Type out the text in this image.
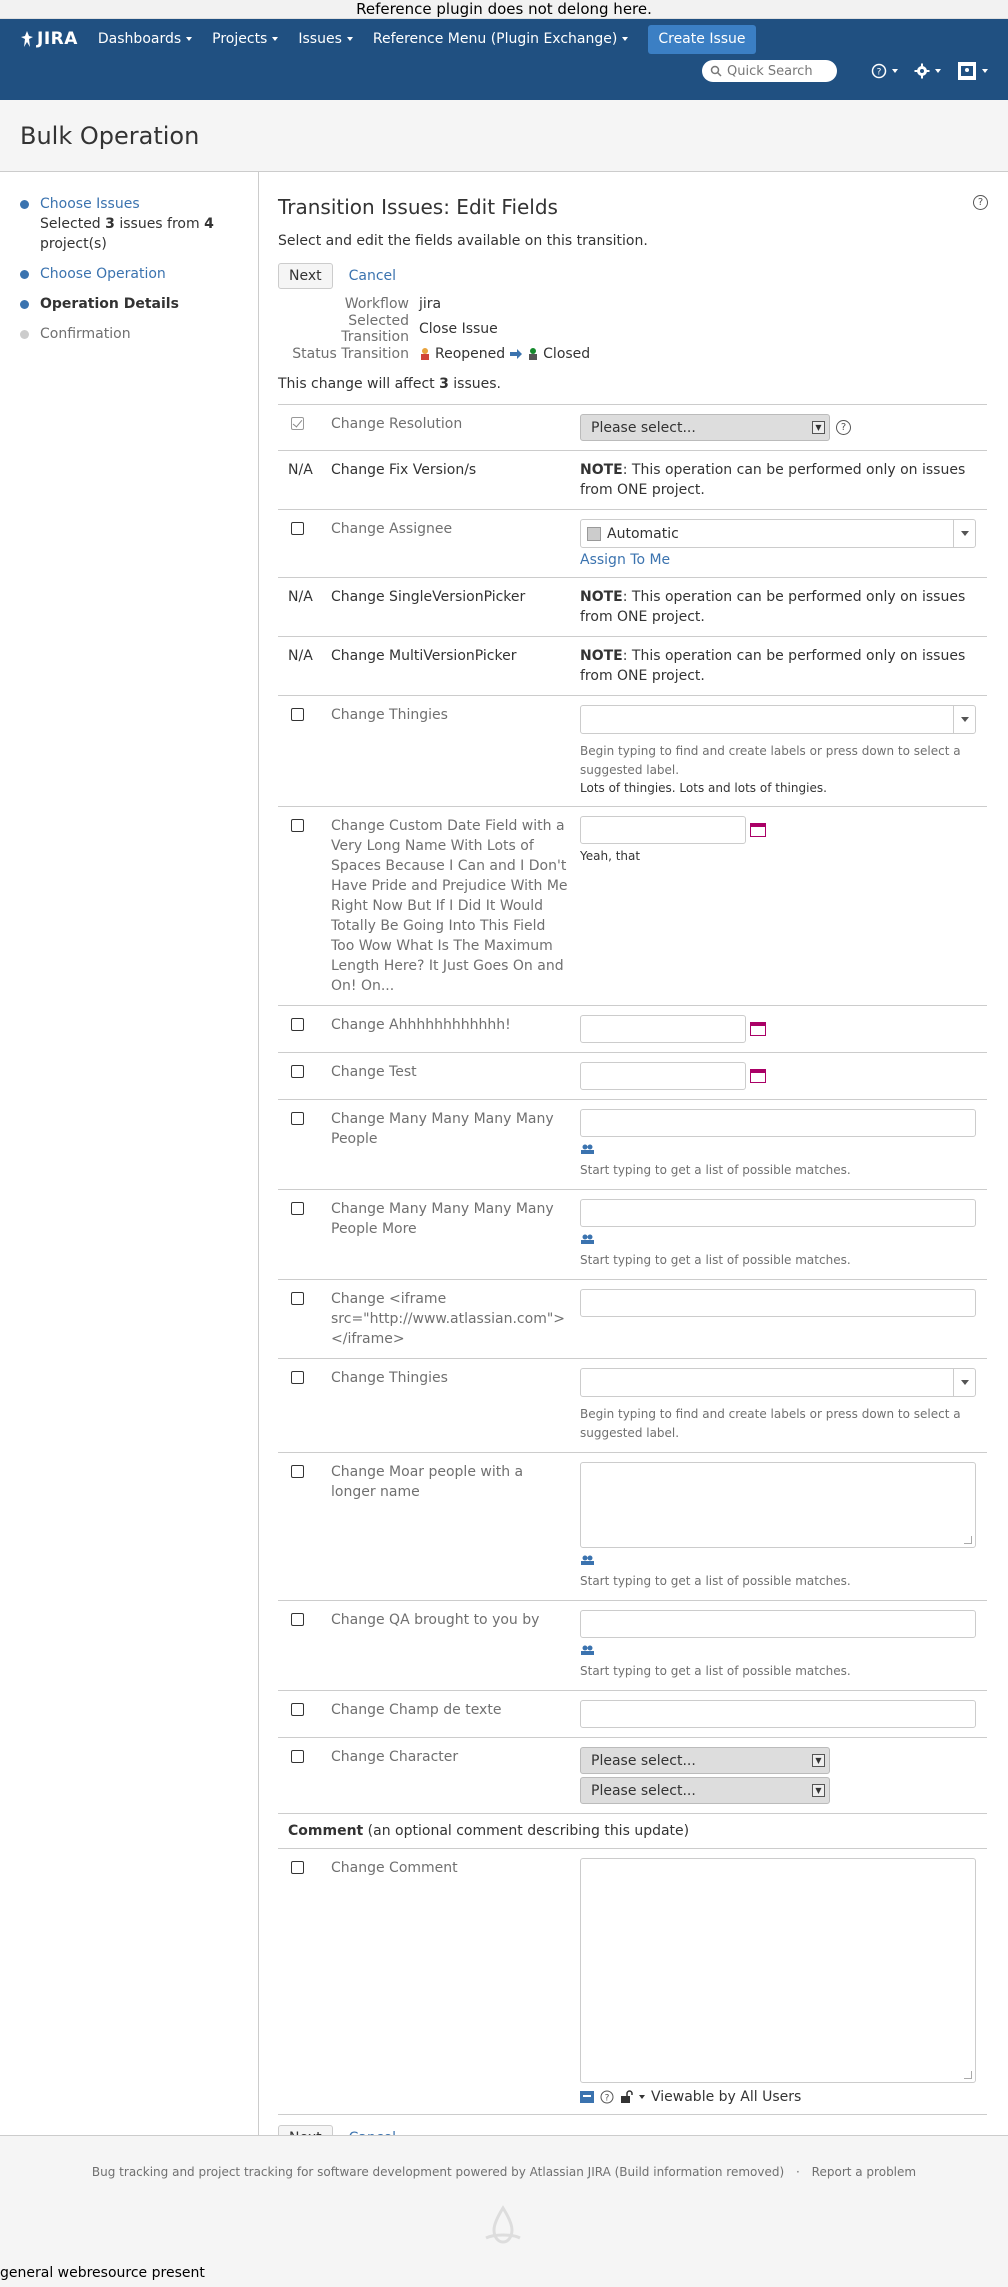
Reference plugin does not delong here.
JIRA Dashboards Projects Issues Reference Menu (Plugin Exchange)	Create Issue
Quick Search	?
Bulk Operation
Choose Issues
Selected 3 issues from 4 project(s)
Choose Operation
Operation Details
Confirmation
Transition Issues: Edit Fields	?
Select and edit the fields available on this transition.
Next	Cancel
Workflow jira
Selected Transition Close Issue
Status Transition	Reopened	Closed
This change will affect 3 issues.
	Change Resolution	Please select... ▼ ?

N/A	Change Fix Version/s	NOTE: This operation can be performed only on issues from ONE project.

	Change Assignee	Automatic
Assign To Me

N/A	Change SingleVersionPicker	NOTE: This operation can be performed only on issues from ONE project.
N/A	Change MultiVersionPicker	NOTE: This operation can be performed only on issues from ONE project.

	Change Thingies	Begin typing to find and create labels or press down to select a suggested label.
Lots of thingies. Lots and lots of thingies.

	Change Custom Date Field with a Very Long Name With Lots of Spaces Because I Can and I Don't Have Pride and Prejudice With Me Right Now But If I Did It Would Totally Be Going Into This Field Too Wow What Is The Maximum Length Here? It Just Goes On and On! On...	Yeah, that

	Change Ahhhhhhhhhhhh!	

	Change Test	

	Change Many Many Many Many People	Start typing to get a list of possible matches.

	Change Many Many Many Many People More	Start typing to get a list of possible matches.

	Change <iframe src="http://www.atlassian.com"></iframe>	

	Change Thingies	Begin typing to find and create labels or press down to select a suggested label.

	Change Moar people with a longer name	Start typing to get a list of possible matches.

	Change QA brought to you by	Start typing to get a list of possible matches.

	Change Champ de texte	

	Change Character	Please select... ▼
Please select... ▼

Comment (an optional comment describing this update)		

	Change Comment	? Viewable by All Users
Bug tracking and project tracking for software development powered by Atlassian JIRA (Build information removed) · Report a problem
general webresource present
